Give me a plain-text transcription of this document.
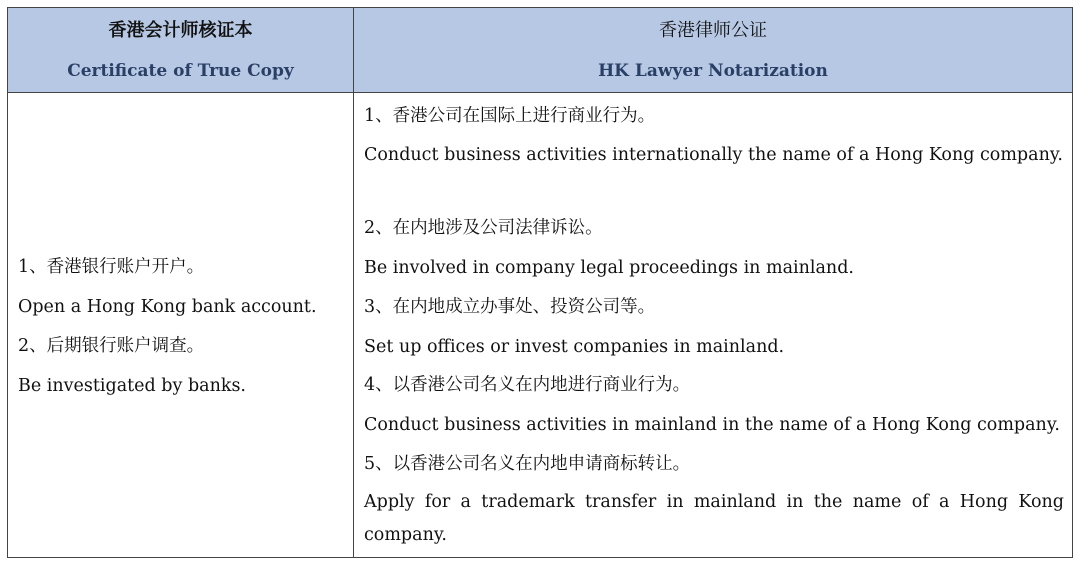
香港会计师核证本
Certificate of True Copy
香港律师公证
HK Lawyer Notarization
1、香港银行账户开户。
Open a Hong Kong bank account.
2、后期银行账户调查。
Be investigated by banks.
1、香港公司在国际上进行商业行为。
Conduct business activities internationally the name of a Hong Kong company.
2、在内地涉及公司法律诉讼。
Be involved in company legal proceedings in mainland.
3、在内地成立办事处、投资公司等。
Set up offices or invest companies in mainland.
4、以香港公司名义在内地进行商业行为。
Conduct business activities in mainland in the name of a Hong Kong company.
5、以香港公司名义在内地申请商标转让。
Apply for a trademark transfer in mainland in the name of a Hong Kong company.
